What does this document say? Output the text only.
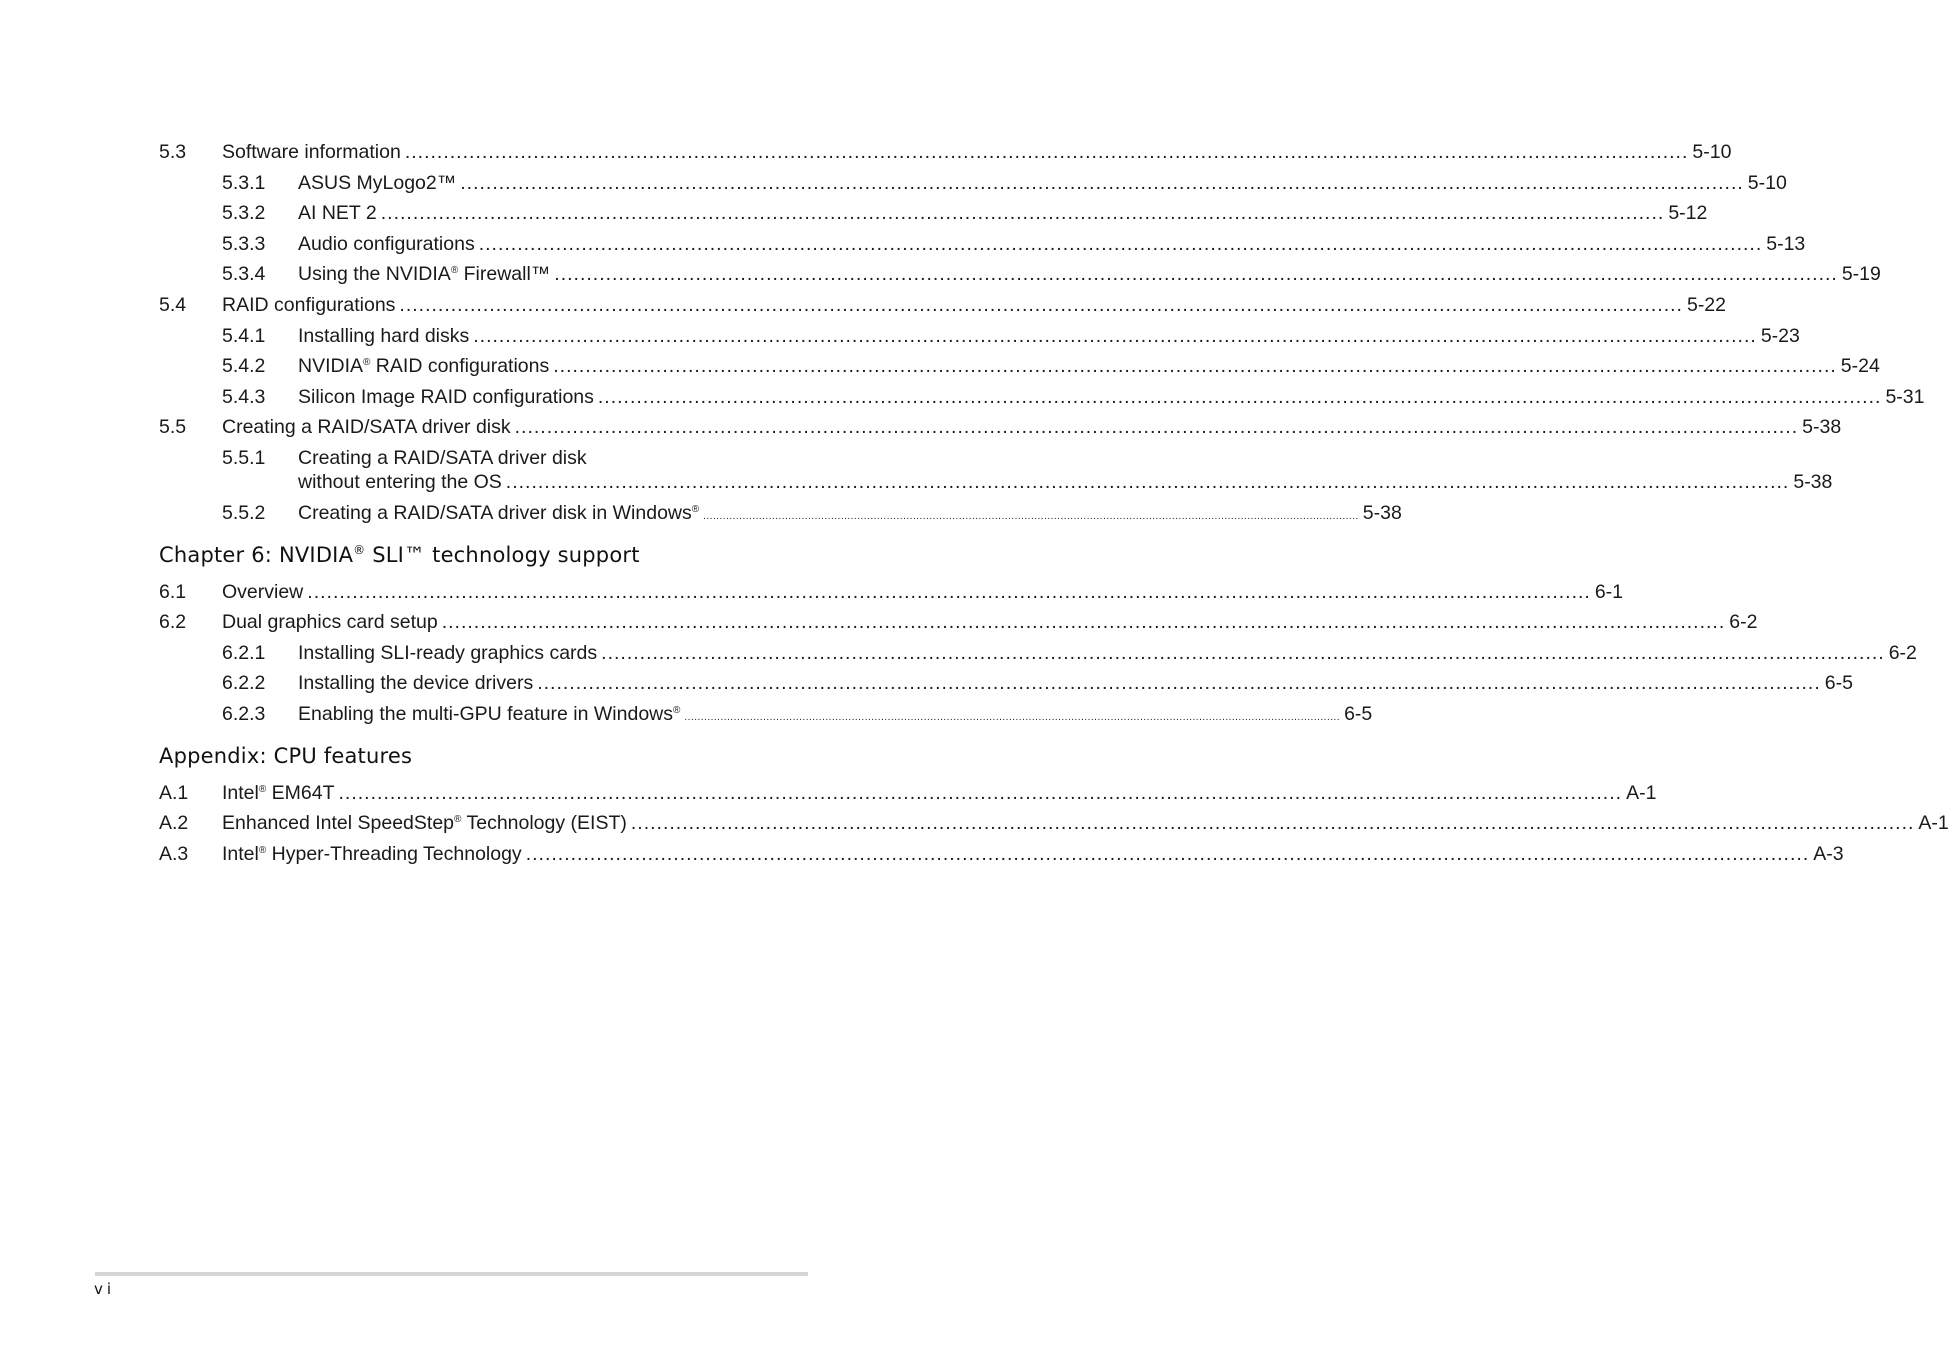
5.3 Software information ........................................................................................................................................................................................................ 5-10
5.3.1 ASUS MyLogo2™ ........................................................................................................................................................................................................ 5-10
5.3.2 AI NET 2 ........................................................................................................................................................................................................ 5-12
5.3.3 Audio configurations ........................................................................................................................................................................................................ 5-13
5.3.4 Using the NVIDIA® Firewall™ ........................................................................................................................................................................................................ 5-19
5.4 RAID configurations ........................................................................................................................................................................................................ 5-22
5.4.1 Installing hard disks ........................................................................................................................................................................................................ 5-23
5.4.2 NVIDIA® RAID configurations ........................................................................................................................................................................................................ 5-24
5.4.3 Silicon Image RAID configurations ........................................................................................................................................................................................................ 5-31
5.5 Creating a RAID/SATA driver disk ........................................................................................................................................................................................................ 5-38
5.5.1 Creating a RAID/SATA driver disk
without entering the OS ........................................................................................................................................................................................................ 5-38
5.5.2 Creating a RAID/SATA driver disk in Windows®
........................................................................................................................................................................................................ 5-38
Chapter 6: NVIDIA® SLI™ technology support
6.1 Overview ........................................................................................................................................................................................................ 6-1
6.2 Dual graphics card setup ........................................................................................................................................................................................................ 6-2
6.2.1 Installing SLI-ready graphics cards ........................................................................................................................................................................................................ 6-2
6.2.2 Installing the device drivers ........................................................................................................................................................................................................ 6-5
6.2.3 Enabling the multi-GPU feature in Windows®
........................................................................................................................................................................................................ 6-5
Appendix: CPU features
A.1 Intel® EM64T ........................................................................................................................................................................................................ A-1
A.2 Enhanced Intel SpeedStep® Technology (EIST) ........................................................................................................................................................................................................ A-1
A.3 Intel® Hyper-Threading Technology ........................................................................................................................................................................................................ A-3
vi
